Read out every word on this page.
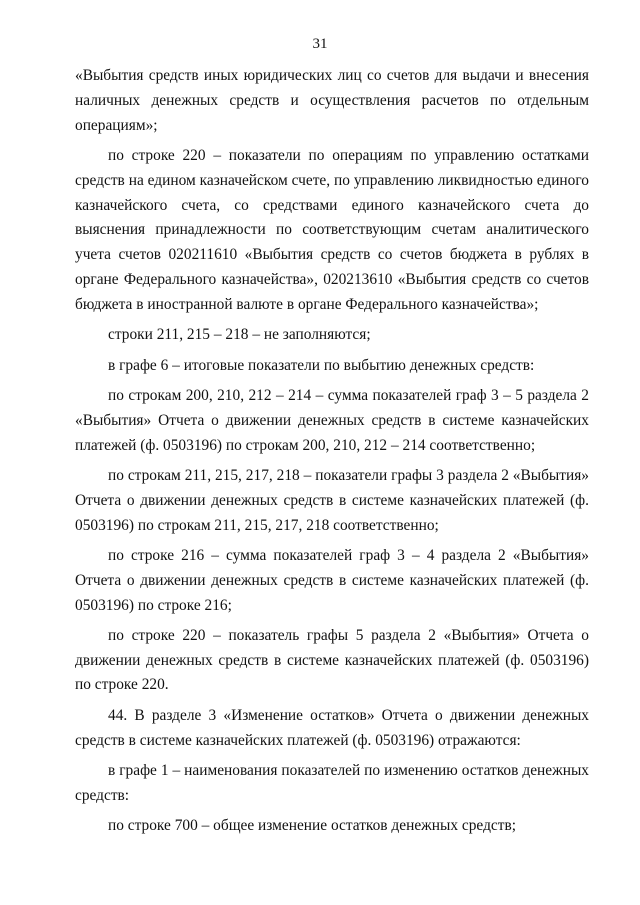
31

«Выбытия средств иных юридических лиц со счетов для выдачи и внесения наличных денежных средств и осуществления расчетов по отдельным операциям»;

по строке 220 – показатели по операциям по управлению остатками средств на едином казначейском счете, по управлению ликвидностью единого казначейского счета, со средствами единого казначейского счета до выяснения принадлежности по соответствующим счетам аналитического учета счетов 020211610 «Выбытия средств со счетов бюджета в рублях в органе Федерального казначейства», 020213610 «Выбытия средств со счетов бюджета в иностранной валюте в органе Федерального казначейства»;

строки 211, 215 – 218 – не заполняются;

в графе 6 – итоговые показатели по выбытию денежных средств:

по строкам 200, 210, 212 – 214 – сумма показателей граф 3 – 5 раздела 2 «Выбытия» Отчета о движении денежных средств в системе казначейских платежей (ф. 0503196) по строкам 200, 210, 212 – 214 соответственно;

по строкам 211, 215, 217, 218 – показатели графы 3 раздела 2 «Выбытия» Отчета о движении денежных средств в системе казначейских платежей (ф. 0503196) по строкам 211, 215, 217, 218 соответственно;

по строке 216 – сумма показателей граф 3 – 4 раздела 2 «Выбытия» Отчета о движении денежных средств в системе казначейских платежей (ф. 0503196) по строке 216;

по строке 220 – показатель графы 5 раздела 2 «Выбытия» Отчета о движении денежных средств в системе казначейских платежей (ф. 0503196) по строке 220.

44. В разделе 3 «Изменение остатков» Отчета о движении денежных средств в системе казначейских платежей (ф. 0503196) отражаются:

в графе 1 – наименования показателей по изменению остатков денежных средств:

по строке 700 – общее изменение остатков денежных средств;
